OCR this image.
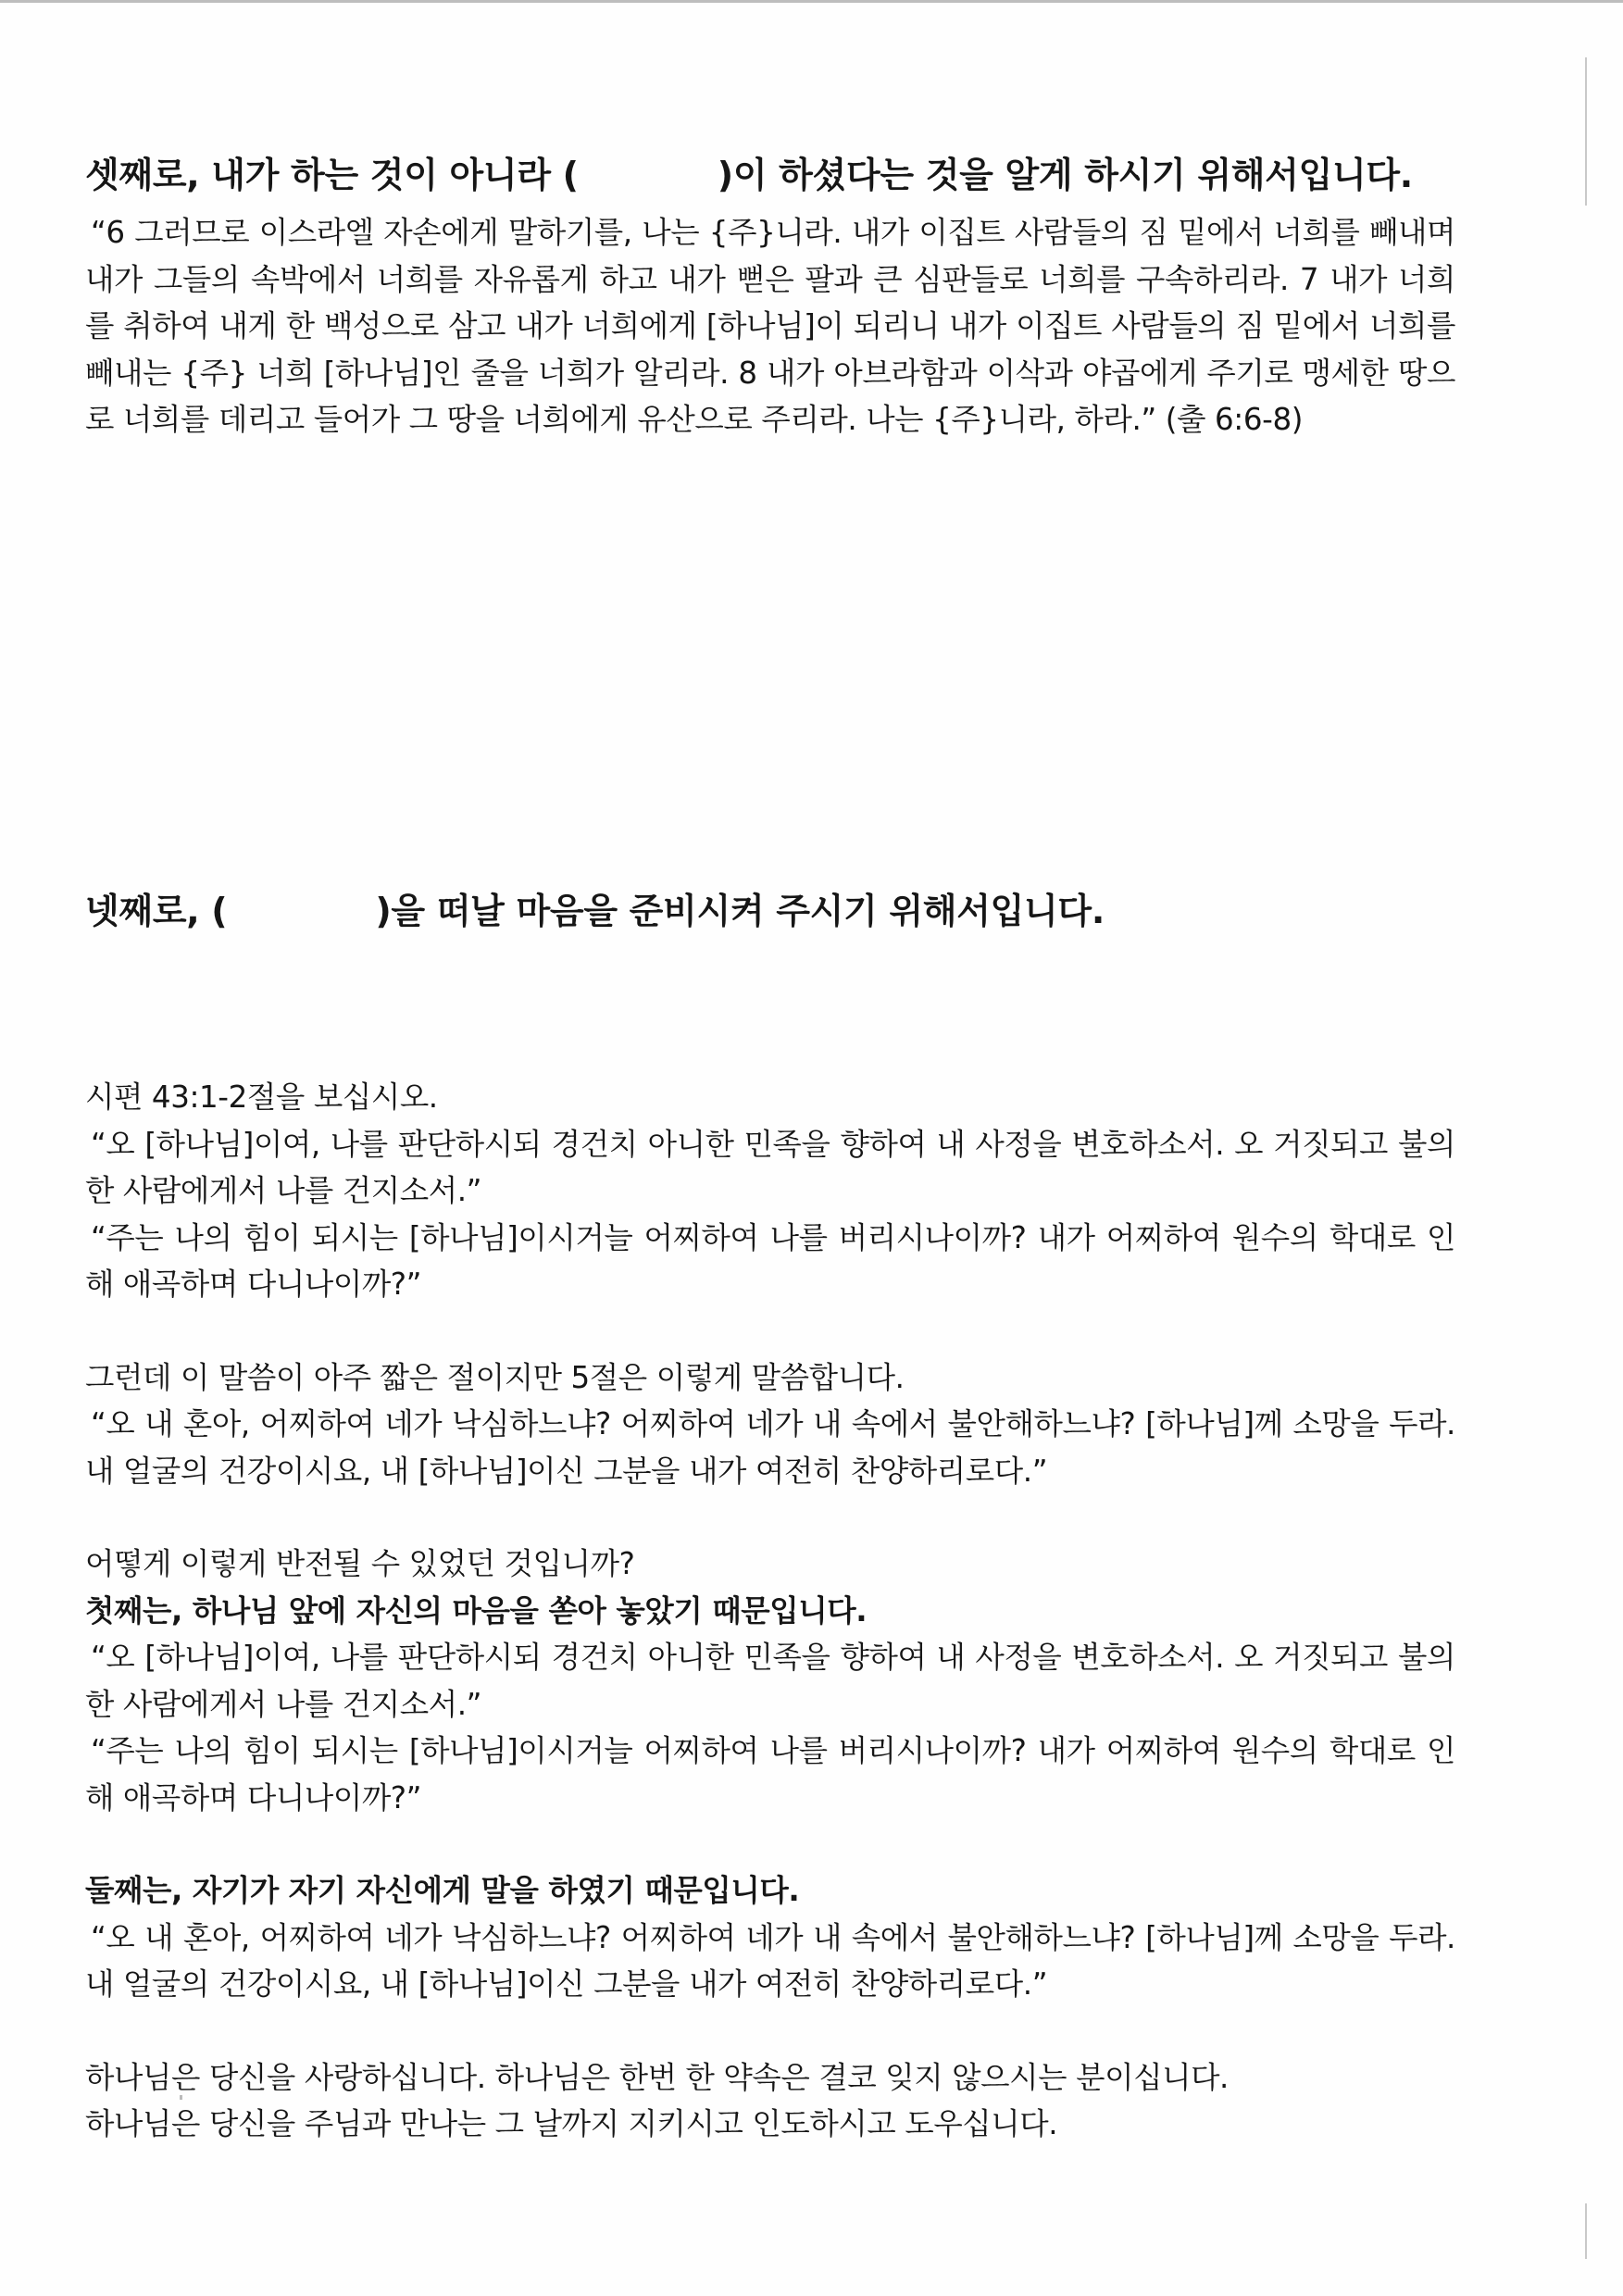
셋째로, 내가 하는 것이 아니라 (	)이 하셨다는 것을 알게 하시기 위해서입니다.

“6 그러므로 이스라엘 자손에게 말하기를, 나는 {주}니라. 내가 이집트 사람들의 짐 밑에서 너희를 빼내며 내가 그들의 속박에서 너희를 자유롭게 하고 내가 뻗은 팔과 큰 심판들로 너희를 구속하리라. 7 내가 너희를 취하여 내게 한 백성으로 삼고 내가 너희에게 [하나님]이 되리니 내가 이집트 사람들의 짐 밑에서 너희를 빼내는 {주} 너희 [하나님]인 줄을 너희가 알리라. 8 내가 아브라함과 이삭과 야곱에게 주기로 맹세한 땅으로 너희를 데리고 들어가 그 땅을 너희에게 유산으로 주리라. 나는 {주}니라, 하라.” (출 6:6-8)

넷째로, (	)을 떠날 마음을 준비시켜 주시기 위해서입니다.

시편 43:1-2절을 보십시오.

“오 [하나님]이여, 나를 판단하시되 경건치 아니한 민족을 향하여 내 사정을 변호하소서. 오 거짓되고 불의한 사람에게서 나를 건지소서.”

“주는 나의 힘이 되시는 [하나님]이시거늘 어찌하여 나를 버리시나이까? 내가 어찌하여 원수의 학대로 인해 애곡하며 다니나이까?”

그런데 이 말씀이 아주 짧은 절이지만 5절은 이렇게 말씀합니다.

“오 내 혼아, 어찌하여 네가 낙심하느냐? 어찌하여 네가 내 속에서 불안해하느냐? [하나님]께 소망을 두라. 내 얼굴의 건강이시요, 내 [하나님]이신 그분을 내가 여전히 찬양하리로다.”

어떻게 이렇게 반전될 수 있었던 것입니까?

첫째는, 하나님 앞에 자신의 마음을 쏟아 놓았기 때문입니다.

“오 [하나님]이여, 나를 판단하시되 경건치 아니한 민족을 향하여 내 사정을 변호하소서. 오 거짓되고 불의한 사람에게서 나를 건지소서.”

“주는 나의 힘이 되시는 [하나님]이시거늘 어찌하여 나를 버리시나이까? 내가 어찌하여 원수의 학대로 인해 애곡하며 다니나이까?”

둘째는, 자기가 자기 자신에게 말을 하였기 때문입니다.

“오 내 혼아, 어찌하여 네가 낙심하느냐? 어찌하여 네가 내 속에서 불안해하느냐? [하나님]께 소망을 두라. 내 얼굴의 건강이시요, 내 [하나님]이신 그분을 내가 여전히 찬양하리로다.”

하나님은 당신을 사랑하십니다. 하나님은 한번 한 약속은 결코 잊지 않으시는 분이십니다.

하나님은 당신을 주님과 만나는 그 날까지 지키시고 인도하시고 도우십니다.
